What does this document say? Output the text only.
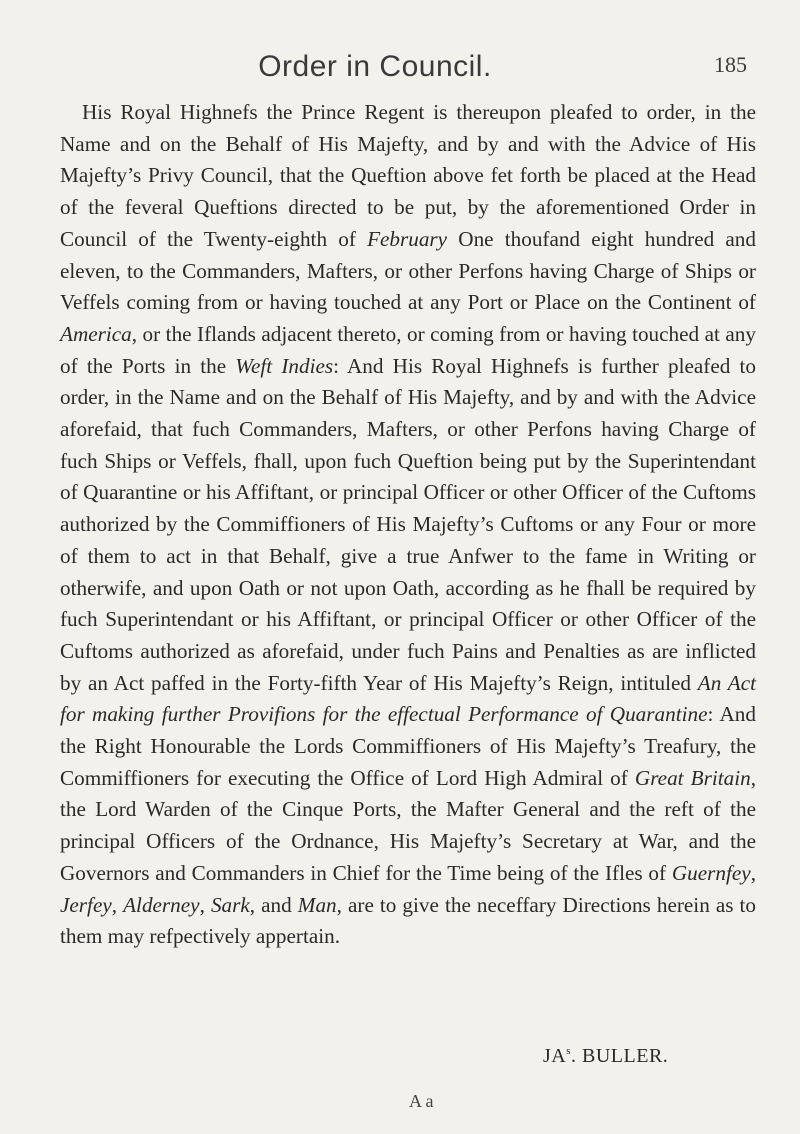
Order in Council.	185

His Royal Highnefs the Prince Regent is thereupon pleafed to order, in the Name and on the Behalf of His Majefty, and by and with the Advice of His Majefty’s Privy Council, that the Queftion above fet forth be placed at the Head of the feveral Queftions directed to be put, by the aforementioned Order in Council of the Twenty-eighth of February One thoufand eight hundred and eleven, to the Commanders, Mafters, or other Perfons having Charge of Ships or Veffels coming from or having touched at any Port or Place on the Continent of America, or the Iflands adjacent thereto, or coming from or having touched at any of the Ports in the Weft Indies: And His Royal Highnefs is further pleafed to order, in the Name and on the Behalf of His Majefty, and by and with the Advice aforefaid, that fuch Commanders, Mafters, or other Perfons having Charge of fuch Ships or Veffels, fhall, upon fuch Queftion being put by the Superintendant of Quarantine or his Affiftant, or principal Officer or other Officer of the Cuftoms authorized by the Commiffioners of His Majefty’s Cuftoms or any Four or more of them to act in that Behalf, give a true Anfwer to the fame in Writing or otherwife, and upon Oath or not upon Oath, according as he fhall be required by fuch Superintendant or his Affiftant, or principal Officer or other Officer of the Cuftoms authorized as aforefaid, under fuch Pains and Penalties as are inflicted by an Act paffed in the Forty-fifth Year of His Majefty’s Reign, intituled An Act for making further Provifions for the effectual Performance of Quarantine: And the Right Honourable the Lords Commiffioners of His Majefty’s Treafury, the Commiffioners for executing the Office of Lord High Admiral of Great Britain, the Lord Warden of the Cinque Ports, the Mafter General and the reft of the principal Officers of the Ordnance, His Majefty’s Secretary at War, and the Governors and Commanders in Chief for the Time being of the Ifles of Guernfey, Jerfey, Alderney, Sark, and Man, are to give the neceffary Directions herein as to them may refpectively appertain.

$JA^s$. BULLER.
A a
